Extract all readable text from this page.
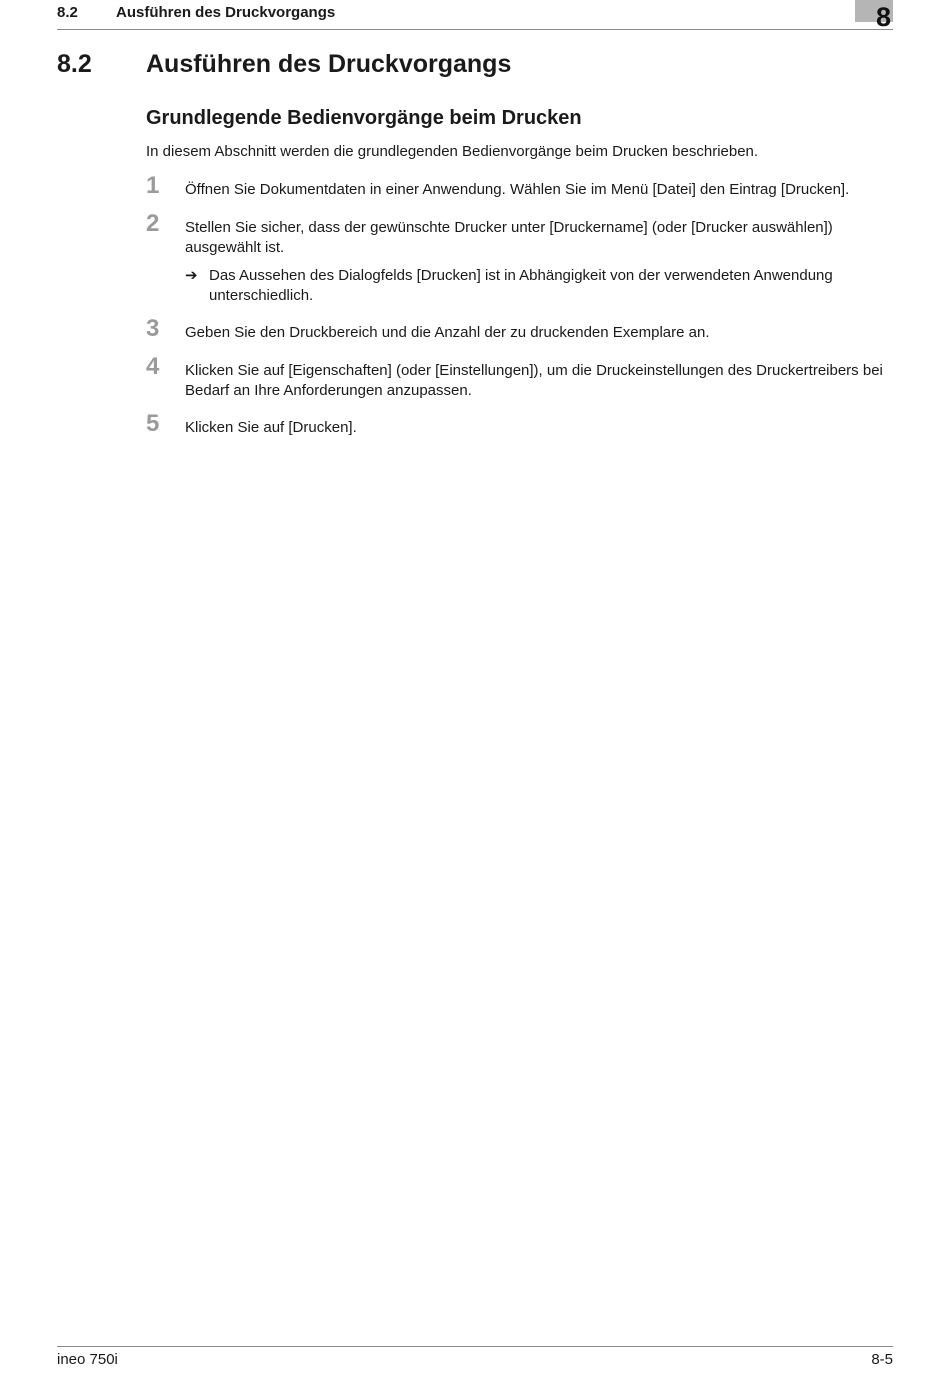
8.2	Ausführen des Druckvorgangs	8
8.2 Ausführen des Druckvorgangs
Grundlegende Bedienvorgänge beim Drucken
In diesem Abschnitt werden die grundlegenden Bedienvorgänge beim Drucken beschrieben.
1 Öffnen Sie Dokumentdaten in einer Anwendung. Wählen Sie im Menü [Datei] den Eintrag [Drucken].
2 Stellen Sie sicher, dass der gewünschte Drucker unter [Druckername] (oder [Drucker auswählen]) ausgewählt ist.
➔ Das Aussehen des Dialogfelds [Drucken] ist in Abhängigkeit von der verwendeten Anwendung unterschiedlich.
3 Geben Sie den Druckbereich und die Anzahl der zu druckenden Exemplare an.
4 Klicken Sie auf [Eigenschaften] (oder [Einstellungen]), um die Druckeinstellungen des Druckertreibers bei Bedarf an Ihre Anforderungen anzupassen.
5 Klicken Sie auf [Drucken].
ineo 750i	8-5
